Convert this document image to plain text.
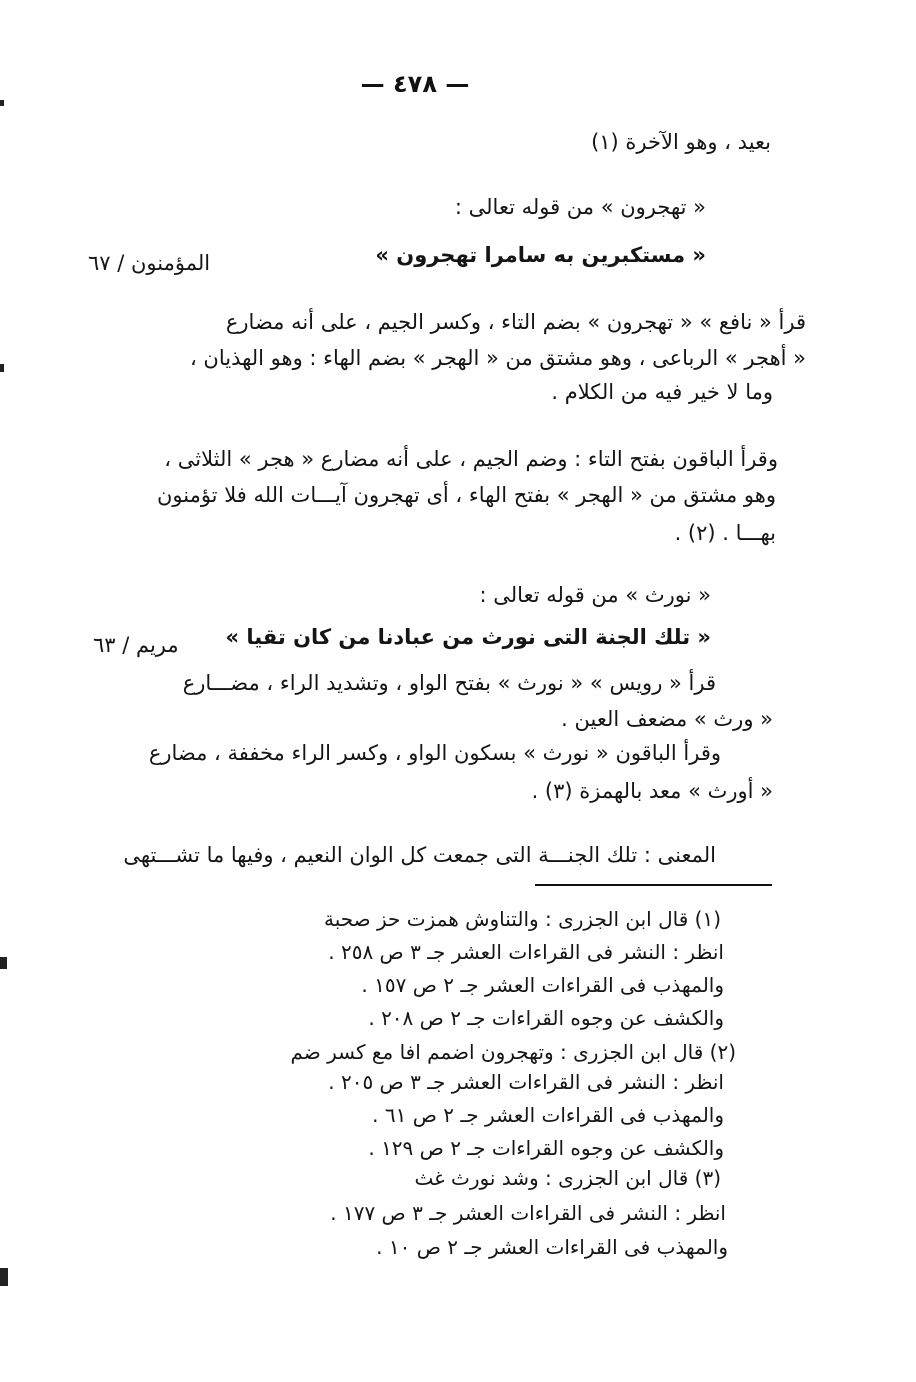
— ٤٧٨ —
بعيد ، وهو الآخرة (١)
« تهجرون » من قوله تعالى :
« مستكبرين به سامرا تهجرون »
المؤمنون / ٦٧
قرأ « نافع » « تهجرون » بضم التاء ، وكسر الجيم ، على أنه مضارع
« أهجر » الرباعى ، وهو مشتق من « الهجر » بضم الهاء : وهو الهذيان ،
وما لا خير فيه من الكلام .
وقرأ الباقون بفتح التاء : وضم الجيم ، على أنه مضارع « هجر » الثلاثى ،
وهو مشتق من « الهجر » بفتح الهاء ، أى تهجرون آيـــات الله فلا تؤمنون
بهـــا . (٢) .
« نورث » من قوله تعالى :
« تلك الجنة التى نورث من عبادنا من كان تقيا »
مريم / ٦٣
قرأ « رويس » « نورث » بفتح الواو ، وتشديد الراء ، مضـــارع
« ورث » مضعف العين .
وقرأ الباقون « نورث » بسكون الواو ، وكسر الراء مخففة ، مضارع
« أورث » معد بالهمزة (٣) .
المعنى : تلك الجنـــة التى جمعت كل الوان النعيم ، وفيها ما تشـــتهى
(١) قال ابن الجزرى : والتناوش همزت حز صحبة
انظر : النشر فى القراءات العشر جـ ٣ ص ٢٥٨ .
والمهذب فى القراءات العشر جـ ٢ ص ١٥٧ .
والكشف عن وجوه القراءات جـ ٢ ص ٢٠٨ .
(٢) قال ابن الجزرى : وتهجرون اضمم افا مع كسر ضم
انظر : النشر فى القراءات العشر جـ ٣ ص ٢٠٥ .
والمهذب فى القراءات العشر جـ ٢ ص ٦١ .
والكشف عن وجوه القراءات جـ ٢ ص ١٢٩ .
(٣) قال ابن الجزرى : وشد نورث غث
انظر : النشر فى القراءات العشر جـ ٣ ص ١٧٧ .
والمهذب فى القراءات العشر جـ ٢ ص ١٠ .
